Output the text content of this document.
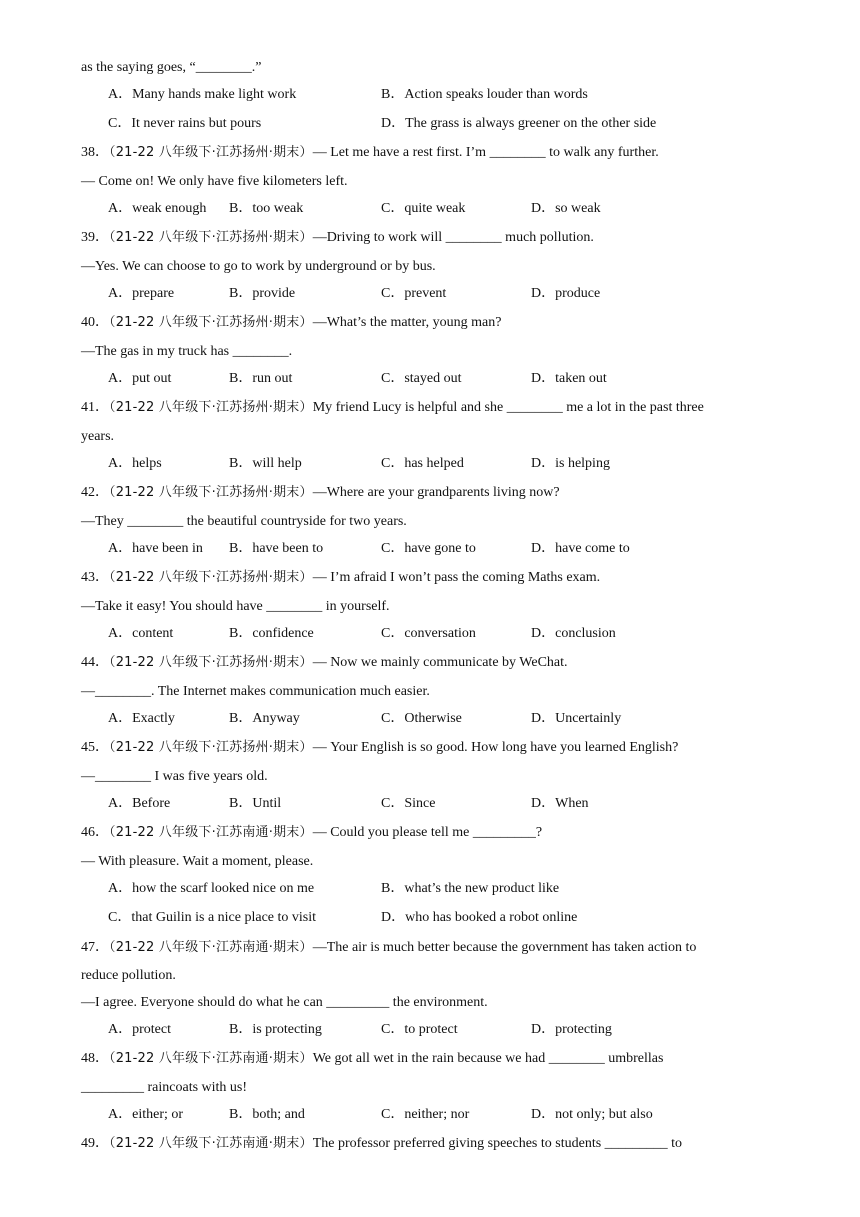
as the saying goes, “________.”
A．Many hands make light work	B．Action speaks louder than words
C．It never rains but pours	D．The grass is always greener on the other side
38．（21-22 八年级下·江苏扬州·期末）— Let me have a rest first. I’m ________ to walk any further.
— Come on! We only have five kilometers left.
A．weak enough B．too weak	C．quite weak	D．so weak
39．（21-22 八年级下·江苏扬州·期末）—Driving to work will ________ much pollution.
—Yes. We can choose to go to work by underground or by bus.
A．prepare	B．provide	C．prevent	D．produce
40．（21-22 八年级下·江苏扬州·期末）—What’s the matter, young man?
—The gas in my truck has ________.
A．put out	B．run out	C．stayed out	D．taken out
41．（21-22 八年级下·江苏扬州·期末）My friend Lucy is helpful and she ________ me a lot in the past three
years.
A．helps	B．will help	C．has helped	D．is helping
42．（21-22 八年级下·江苏扬州·期末）—Where are your grandparents living now?
—They ________ the beautiful countryside for two years.
A．have been in B．have been to	C．have gone to	D．have come to
43．（21-22 八年级下·江苏扬州·期末）— I’m afraid I won’t pass the coming Maths exam.
—Take it easy! You should have ________ in yourself.
A．content	B．confidence	C．conversation	D．conclusion
44．（21-22 八年级下·江苏扬州·期末）— Now we mainly communicate by WeChat.
—________. The Internet makes communication much easier.
A．Exactly	B．Anyway	C．Otherwise	D．Uncertainly
45．（21-22 八年级下·江苏扬州·期末）— Your English is so good. How long have you learned English?
—________ I was five years old.
A．Before	B．Until	C．Since	D．When
46．（21-22 八年级下·江苏南通·期末）— Could you please tell me _________?
— With pleasure. Wait a moment, please.
A．how the scarf looked nice on me	B．what’s the new product like
C．that Guilin is a nice place to visit	D．who has booked a robot online
47．（21-22 八年级下·江苏南通·期末）—The air is much better because the government has taken action to
reduce pollution.
—I agree. Everyone should do what he can _________ the environment.
A．protect	B．is protecting	C．to protect	D．protecting
48．（21-22 八年级下·江苏南通·期末）We got all wet in the rain because we had ________ umbrellas
_________ raincoats with us!
A．either; or	B．both; and	C．neither; nor	D．not only; but also
49．（21-22 八年级下·江苏南通·期末）The professor preferred giving speeches to students _________ to
